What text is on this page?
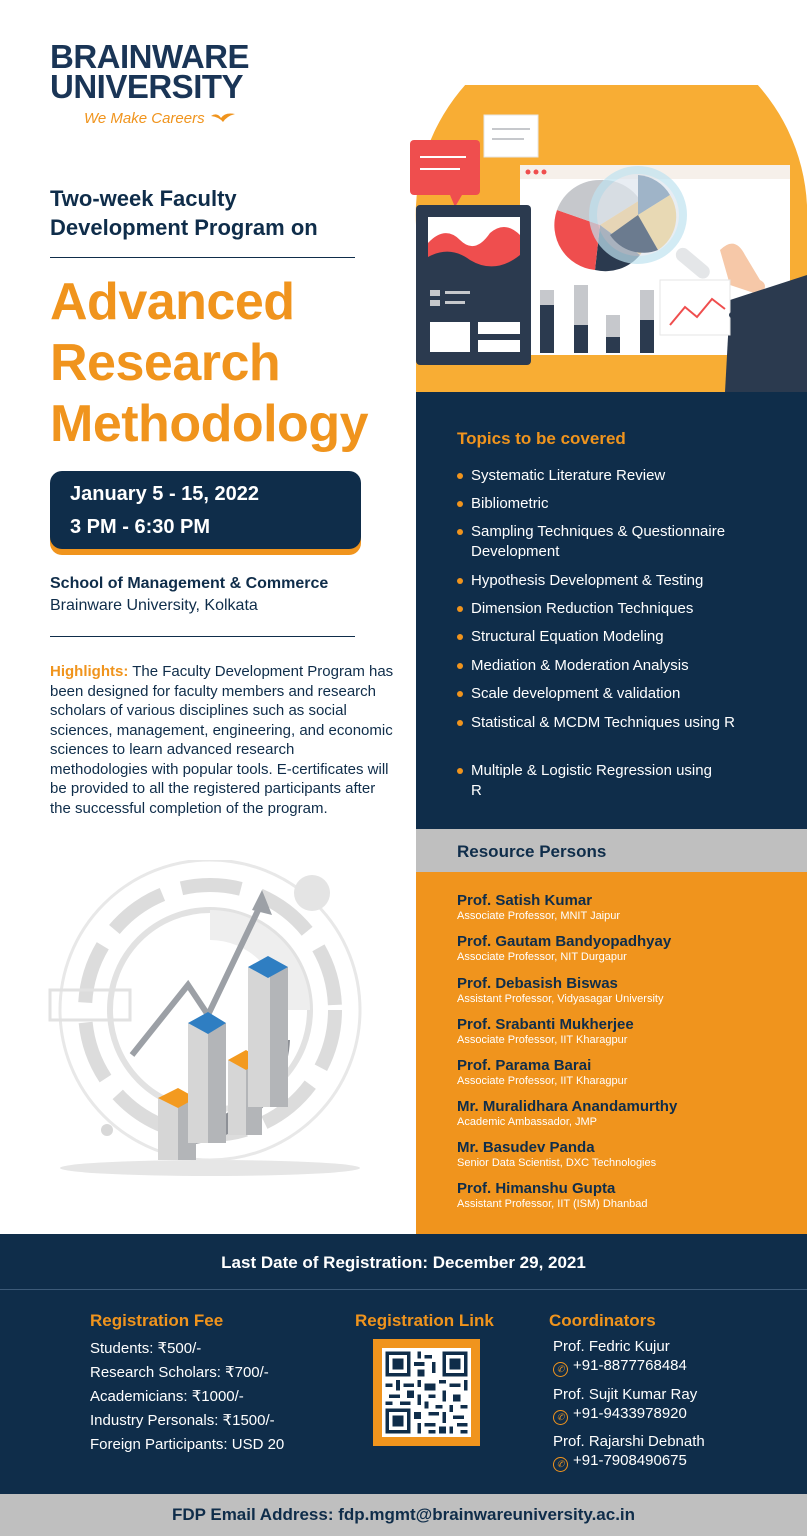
BRAINWARE
UNIVERSITY
We Make Careers
Two-week Faculty
Development Program on
Advanced
Research
Methodology
January 5 - 15, 2022
3 PM - 6:30 PM
School of Management & Commerce
Brainware University, Kolkata
Highlights: The Faculty Development Program has been designed for faculty members and research scholars of various disciplines such as social sciences, management, engineering, and economic sciences to learn advanced research methodologies with popular tools. E-certificates will be provided to all the registered participants after the successful completion of the program.
Topics to be covered
Systematic Literature Review
Bibliometric
Sampling Techniques & Questionnaire Development
Hypothesis Development & Testing
Dimension Reduction Techniques
Structural Equation Modeling
Mediation & Moderation Analysis
Scale development & validation
Statistical & MCDM Techniques using R
Multiple & Logistic Regression using R
Resource Persons
Prof. Satish Kumar
Associate Professor, MNIT Jaipur
Prof. Gautam Bandyopadhyay
Associate Professor, NIT Durgapur
Prof. Debasish Biswas
Assistant Professor, Vidyasagar University
Prof. Srabanti Mukherjee
Associate Professor, IIT Kharagpur
Prof. Parama Barai
Associate Professor, IIT Kharagpur
Mr. Muralidhara Anandamurthy
Academic Ambassador, JMP
Mr. Basudev Panda
Senior Data Scientist, DXC Technologies
Prof. Himanshu Gupta
Assistant Professor, IIT (ISM) Dhanbad
Last Date of Registration: December 29, 2021
Registration Fee
Students: ₹500/-
Research Scholars: ₹700/-
Academicians: ₹1000/-
Industry Personals: ₹1500/-
Foreign Participants: USD 20
Registration Link	Coordinators
Prof. Fedric Kujur
✆ +91-8877768484
Prof. Sujit Kumar Ray
✆ +91-9433978920
Prof. Rajarshi Debnath
✆ +91-7908490675
FDP Email Address: fdp.mgmt@brainwareuniversity.ac.in
